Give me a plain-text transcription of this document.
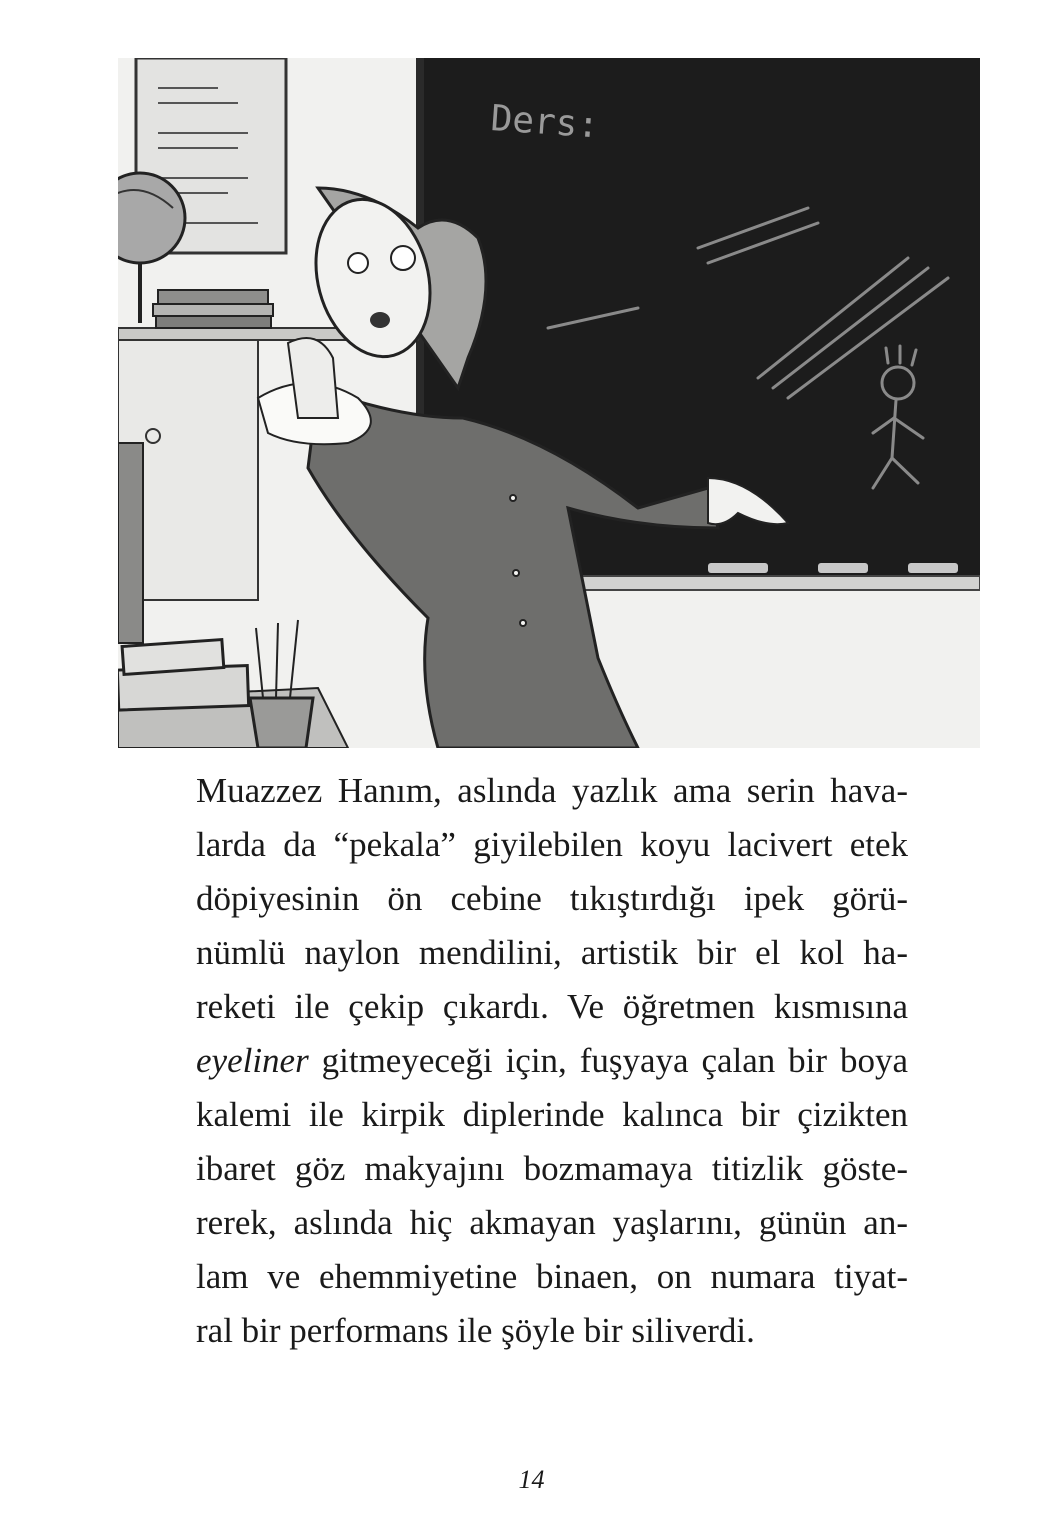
Ders:

Muazzez Hanım, aslında yazlık ama serin hava-
larda da “pekala” giyilebilen koyu lacivert etek
döpiyesinin ön cebine tıkıştırdığı ipek görü-
nümlü naylon mendilini, artistik bir el kol ha-
reketi ile çekip çıkardı. Ve öğretmen kısmısına
eyeliner gitmeyeceği için, fuşyaya çalan bir boya
kalemi ile kirpik diplerinde kalınca bir çizikten
ibaret göz makyajını bozmamaya titizlik göste-
rerek, aslında hiç akmayan yaşlarını, günün an-
lam ve ehemmiyetine binaen, on numara tiyat-
ral bir performans ile şöyle bir siliverdi.

14
